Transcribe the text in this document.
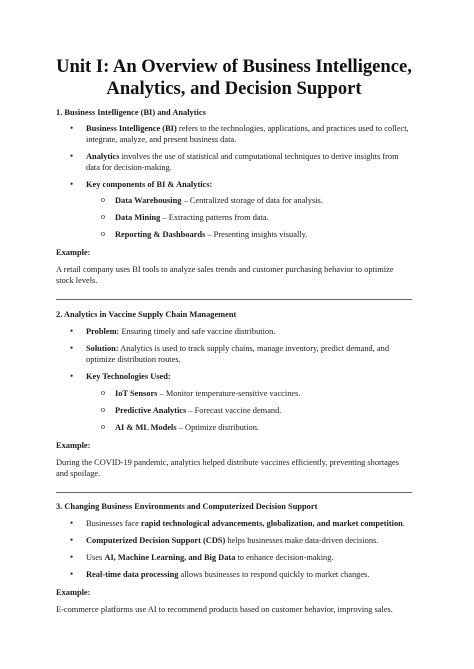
Unit I: An Overview of Business Intelligence,
Analytics, and Decision Support

1. Business Intelligence (BI) and Analytics

• Business Intelligence (BI) refers to the technologies, applications, and practices used to collect, integrate, analyze, and present business data.
• Analytics involves the use of statistical and computational techniques to derive insights from data for decision-making.
• Key components of BI & Analytics:
o Data Warehousing – Centralized storage of data for analysis.
o Data Mining – Extracting patterns from data.
o Reporting & Dashboards – Presenting insights visually.

Example:

A retail company uses BI tools to analyze sales trends and customer purchasing behavior to optimize stock levels.

2. Analytics in Vaccine Supply Chain Management

• Problem: Ensuring timely and safe vaccine distribution.
• Solution: Analytics is used to track supply chains, manage inventory, predict demand, and optimize distribution routes.
• Key Technologies Used:
o IoT Sensors – Monitor temperature-sensitive vaccines.
o Predictive Analytics – Forecast vaccine demand.
o AI & ML Models – Optimize distribution.

Example:

During the COVID-19 pandemic, analytics helped distribute vaccines efficiently, preventing shortages and spoilage.

3. Changing Business Environments and Computerized Decision Support

• Businesses face rapid technological advancements, globalization, and market competition.
• Computerized Decision Support (CDS) helps businesses make data-driven decisions.
• Uses AI, Machine Learning, and Big Data to enhance decision-making.
• Real-time data processing allows businesses to respond quickly to market changes.

Example:

E-commerce platforms use AI to recommend products based on customer behavior, improving sales.
